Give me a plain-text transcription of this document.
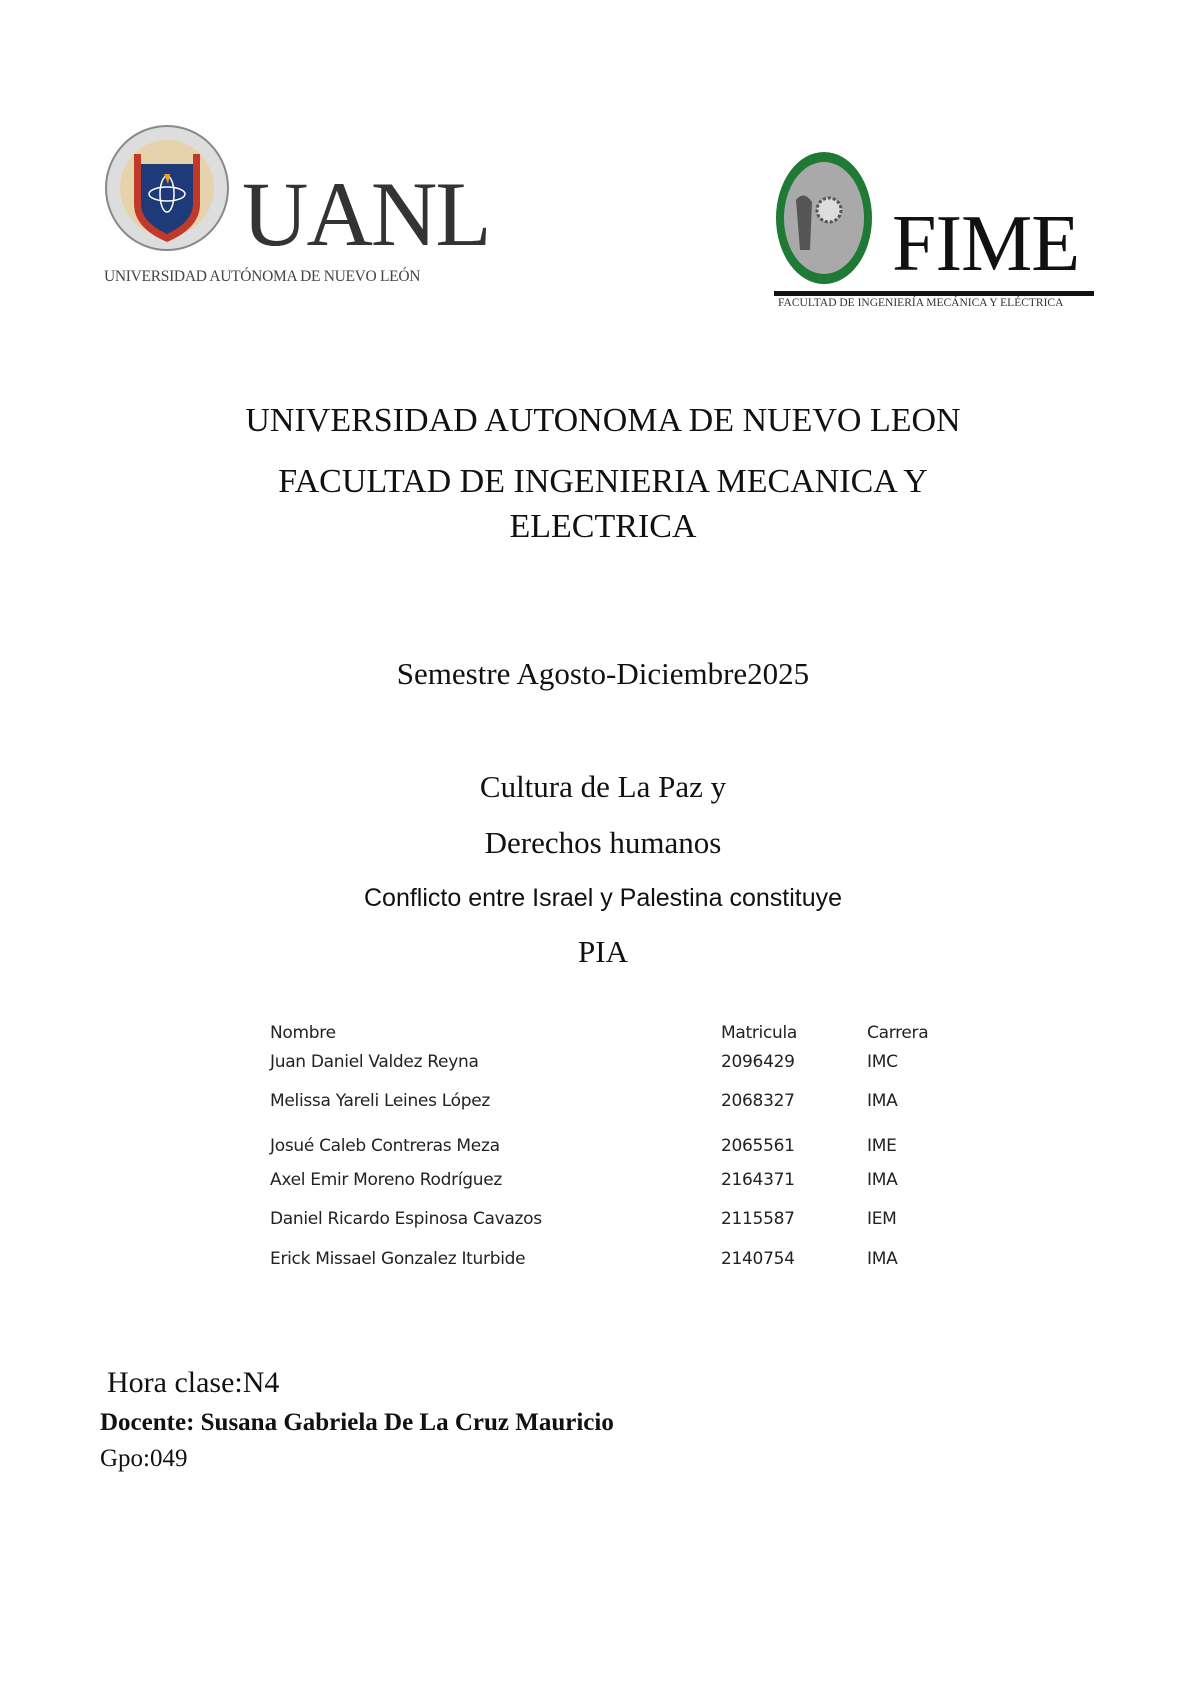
UANL
UNIVERSIDAD AUTÓNOMA DE NUEVO LEÓN	FIME
FACULTAD DE INGENIERÍA MECÁNICA Y ELÉCTRICA
UNIVERSIDAD AUTONOMA DE NUEVO LEON
FACULTAD DE INGENIERIA MECANICA Y
ELECTRICA
Semestre Agosto-Diciembre2025
Cultura de La Paz y
Derechos humanos
Conflicto entre Israel y Palestina constituye
PIA
Nombre	Matricula	Carrera
Juan Daniel Valdez Reyna	2096429	IMC
Melissa Yareli Leines López	2068327	IMA
Josué Caleb Contreras Meza	2065561	IME
Axel Emir Moreno Rodríguez	2164371	IMA
Daniel Ricardo Espinosa Cavazos	2115587	IEM
Erick Missael Gonzalez Iturbide	2140754	IMA
Hora clase:N4
Docente: Susana Gabriela De La Cruz Mauricio
Gpo:049
